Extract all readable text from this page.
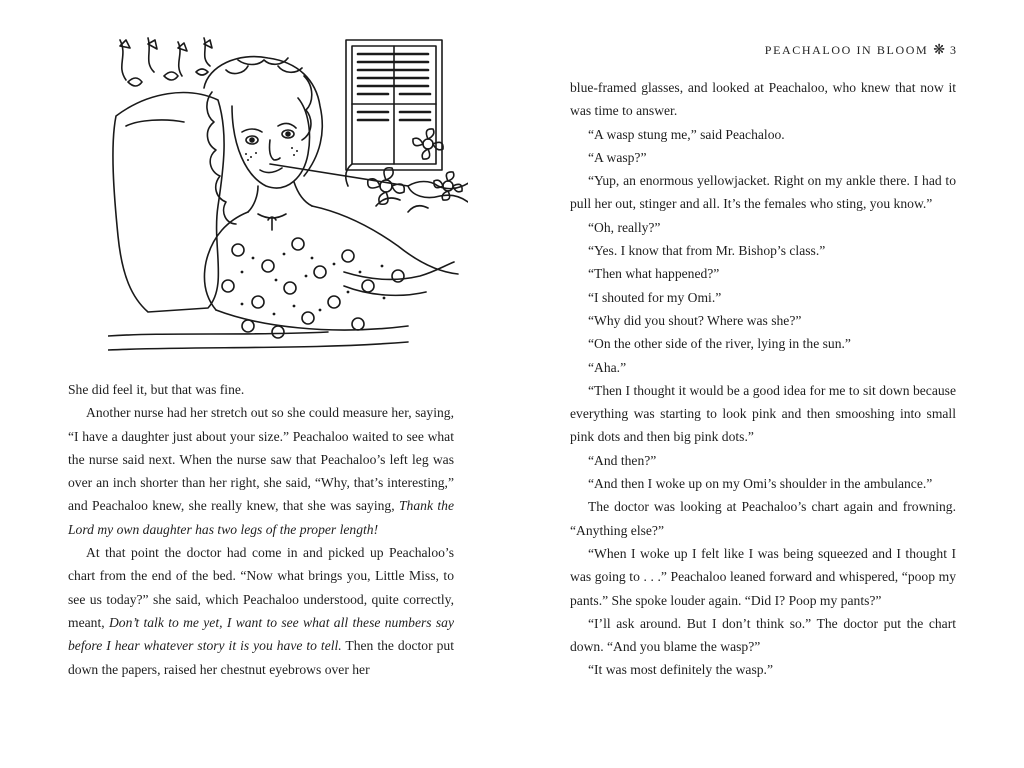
She did feel it, but that was fine.

Another nurse had her stretch out so she could measure her, saying, “I have a daughter just about your size.” Peachaloo waited to see what the nurse said next. When the nurse saw that Peachaloo’s left leg was over an inch shorter than her right, she said, “Why, that’s interesting,” and Peachaloo knew, she really knew, that she was saying, Thank the Lord my own daughter has two legs of the proper length!

At that point the doctor had come in and picked up Peachaloo’s chart from the end of the bed. “Now what brings you, Little Miss, to see us today?” she said, which Peachaloo understood, quite correctly, meant, Don’t talk to me yet, I want to see what all these numbers say before I hear whatever story it is you have to tell. Then the doctor put down the papers, raised her chestnut eyebrows over her

PEACHALOO IN BLOOM ❋ 3

blue-framed glasses, and looked at Peachaloo, who knew that now it was time to answer.

“A wasp stung me,” said Peachaloo.

“A wasp?”

“Yup, an enormous yellowjacket. Right on my ankle there. I had to pull her out, stinger and all. It’s the females who sting, you know.”

“Oh, really?”

“Yes. I know that from Mr. Bishop’s class.”

“Then what happened?”

“I shouted for my Omi.”

“Why did you shout? Where was she?”

“On the other side of the river, lying in the sun.”

“Aha.”

“Then I thought it would be a good idea for me to sit down because everything was starting to look pink and then smooshing into small pink dots and then big pink dots.”

“And then?”

“And then I woke up on my Omi’s shoulder in the ambulance.”

The doctor was looking at Peachaloo’s chart again and frowning. “Anything else?”

“When I woke up I felt like I was being squeezed and I thought I was going to . . .” Peachaloo leaned forward and whispered, “poop my pants.” She spoke louder again. “Did I? Poop my pants?”

“I’ll ask around. But I don’t think so.” The doctor put the chart down. “And you blame the wasp?”

“It was most definitely the wasp.”
